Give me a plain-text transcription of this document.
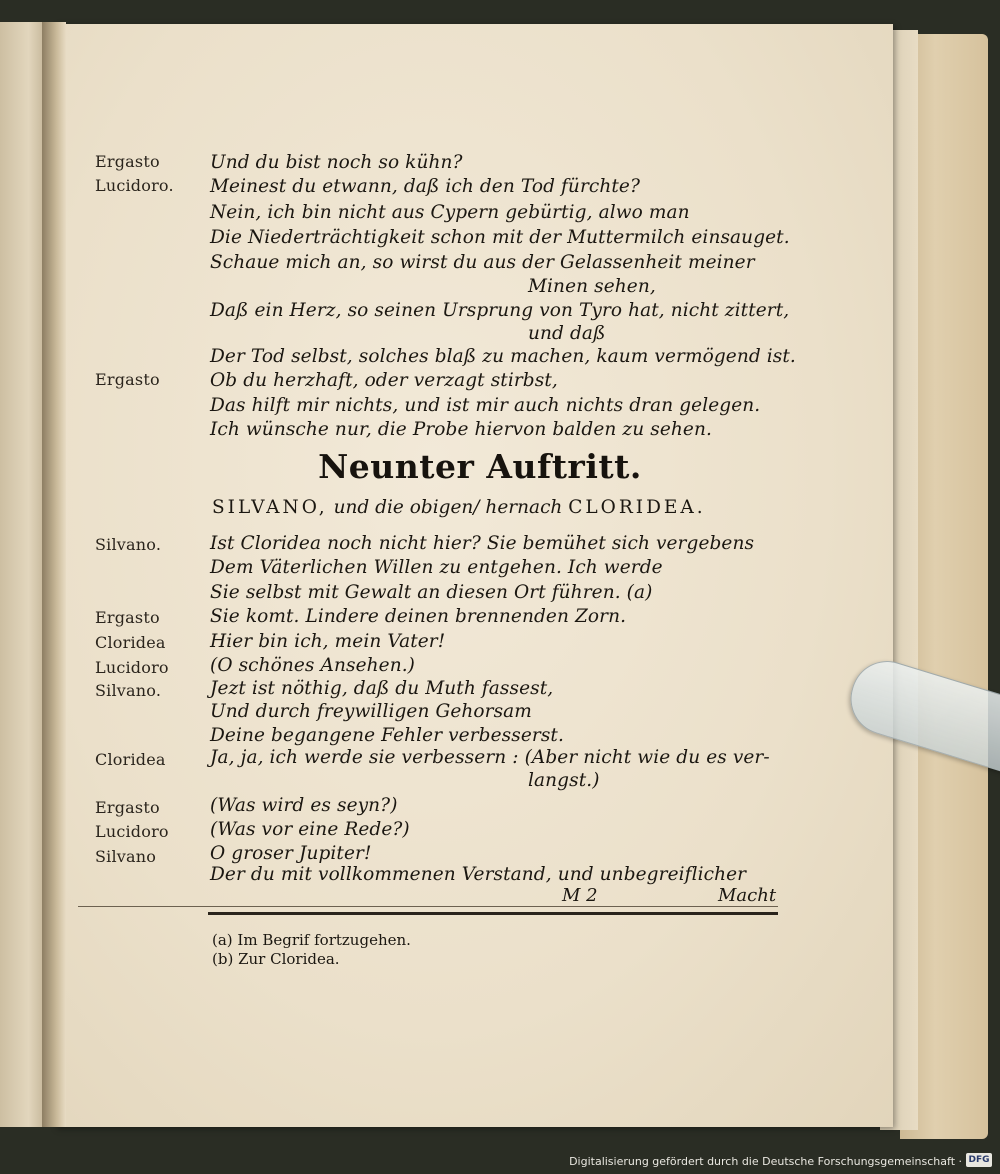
Ergasto	Und du bist noch so kühn?
Lucidoro. Meinest du etwann, daß ich den Tod fürchte?
Nein, ich bin nicht aus Cypern gebürtig, alwo man
Die Niederträchtigkeit schon mit der Muttermilch einsauget.
Schaue mich an, so wirst du aus der Gelassenheit meiner
Minen sehen,
Daß ein Herz, so seinen Ursprung von Tyro hat, nicht zittert,
und daß
Der Tod selbst, solches blaß zu machen, kaum vermögend ist.
Ergasto	Ob du herzhaft, oder verzagt stirbst,
Das hilft mir nichts, und ist mir auch nichts dran gelegen.
Ich wünsche nur, die Probe hiervon balden zu sehen.
Neunter Auftritt.
SILVANO, und die obigen/ hernach CLORIDEA.
Silvano.	Ist Cloridea noch nicht hier? Sie bemühet sich vergebens
Dem Väterlichen Willen zu entgehen. Ich werde
Sie selbst mit Gewalt an diesen Ort führen. (a)
Ergasto	Sie komt. Lindere deinen brennenden Zorn.
Cloridea Hier bin ich, mein Vater!
Lucidoro (O schönes Ansehen.)
Silvano.	Jezt ist nöthig, daß du Muth fassest,
Und durch freywilligen Gehorsam
Deine begangene Fehler verbesserst.
Cloridea Ja, ja, ich werde sie verbessern : (Aber nicht wie du es ver-
langst.)
Ergasto	(Was wird es seyn?)
Lucidoro (Was vor eine Rede?)
Silvano	O groser Jupiter!
Der du mit vollkommenen Verstand, und unbegreiflicher
M 2	Macht
(a) Im Begrif fortzugehen.
(b) Zur Cloridea.
Digitalisierung gefördert durch die Deutsche Forschungsgemeinschaft · DFG
